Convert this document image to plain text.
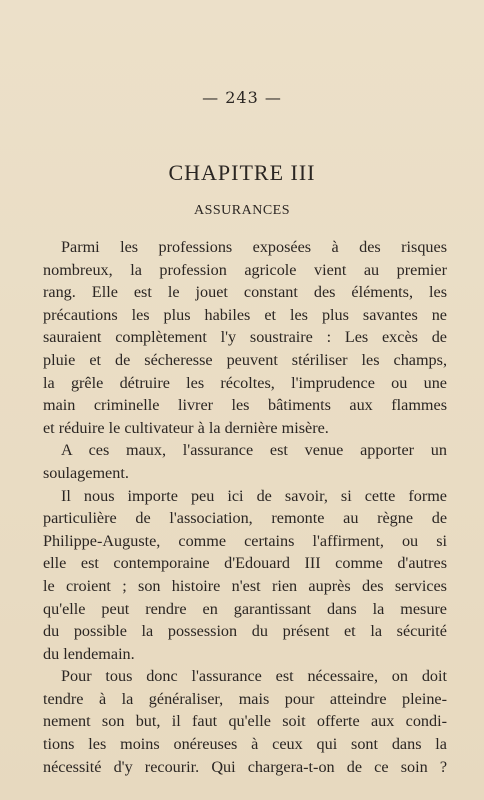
— 243 —
CHAPITRE III
ASSURANCES
Parmi les professions exposées à des risques
nombreux, la profession agricole vient au premier
rang. Elle est le jouet constant des éléments, les
précautions les plus habiles et les plus savantes ne
sauraient complètement l'y soustraire : Les excès de
pluie et de sécheresse peuvent stériliser les champs,
la grêle détruire les récoltes, l'imprudence ou une
main criminelle livrer les bâtiments aux flammes
et réduire le cultivateur à la dernière misère.
A ces maux, l'assurance est venue apporter un
soulagement.
Il nous importe peu ici de savoir, si cette forme
particulière de l'association, remonte au règne de
Philippe-Auguste, comme certains l'affirment, ou si
elle est contemporaine d'Edouard III comme d'autres
le croient ; son histoire n'est rien auprès des services
qu'elle peut rendre en garantissant dans la mesure
du possible la possession du présent et la sécurité
du lendemain.
Pour tous donc l'assurance est nécessaire, on doit
tendre à la généraliser, mais pour atteindre pleine-
nement son but, il faut qu'elle soit offerte aux condi-
tions les moins onéreuses à ceux qui sont dans la
nécessité d'y recourir. Qui chargera-t-on de ce soin ?
